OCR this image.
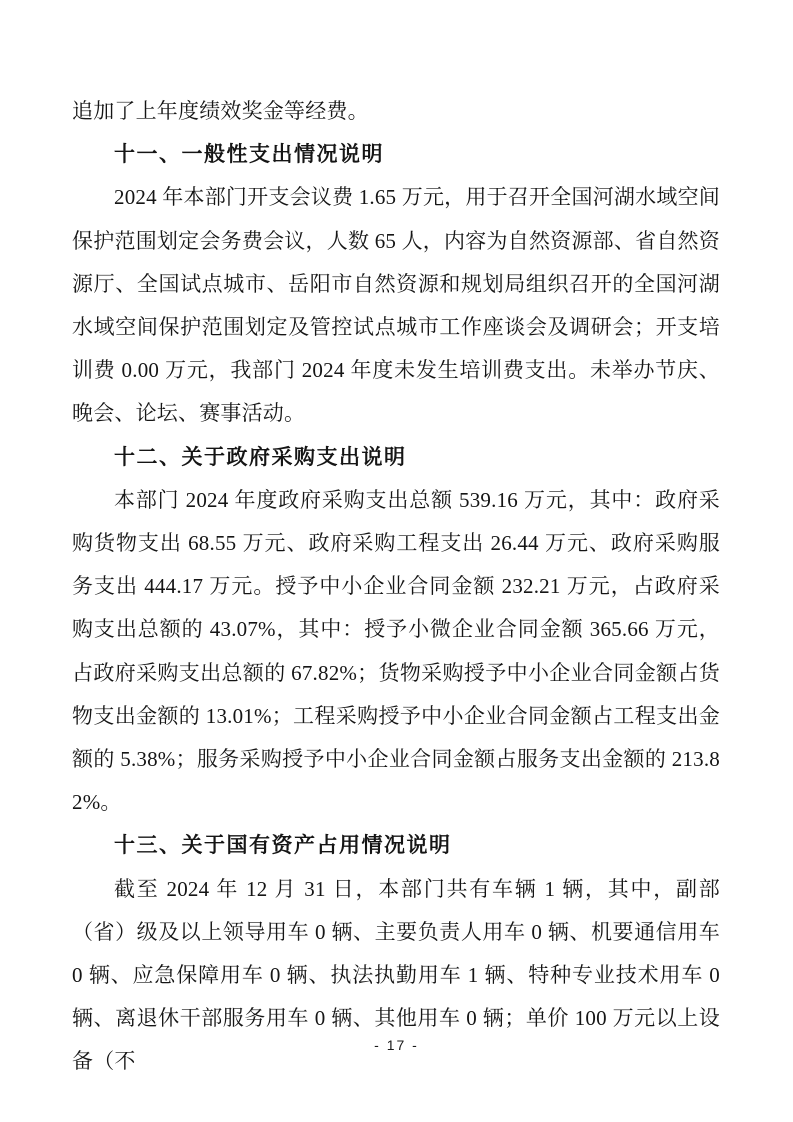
追加了上年度绩效奖金等经费。

十一、一般性支出情况说明

2024 年本部门开支会议费 1.65 万元，用于召开全国河湖水域空间保护范围划定会务费会议，人数 65 人，内容为自然资源部、省自然资源厅、全国试点城市、岳阳市自然资源和规划局组织召开的全国河湖水域空间保护范围划定及管控试点城市工作座谈会及调研会；开支培训费 0.00 万元，我部门 2024 年度未发生培训费支出。未举办节庆、晚会、论坛、赛事活动。

十二、关于政府采购支出说明

本部门 2024 年度政府采购支出总额 539.16 万元，其中：政府采购货物支出 68.55 万元、政府采购工程支出 26.44 万元、政府采购服务支出 444.17 万元。授予中小企业合同金额 232.21 万元，占政府采购支出总额的 43.07%，其中：授予小微企业合同金额 365.66 万元，占政府采购支出总额的 67.82%；货物采购授予中小企业合同金额占货物支出金额的 13.01%；工程采购授予中小企业合同金额占工程支出金额的 5.38%；服务采购授予中小企业合同金额占服务支出金额的 213.82%。

十三、关于国有资产占用情况说明

截至 2024 年 12 月 31 日，本部门共有车辆 1 辆，其中，副部（省）级及以上领导用车 0 辆、主要负责人用车 0 辆、机要通信用车 0 辆、应急保障用车 0 辆、执法执勤用车 1 辆、特种专业技术用车 0 辆、离退休干部服务用车 0 辆、其他用车 0 辆；单价 100 万元以上设备（不

- 17 -
